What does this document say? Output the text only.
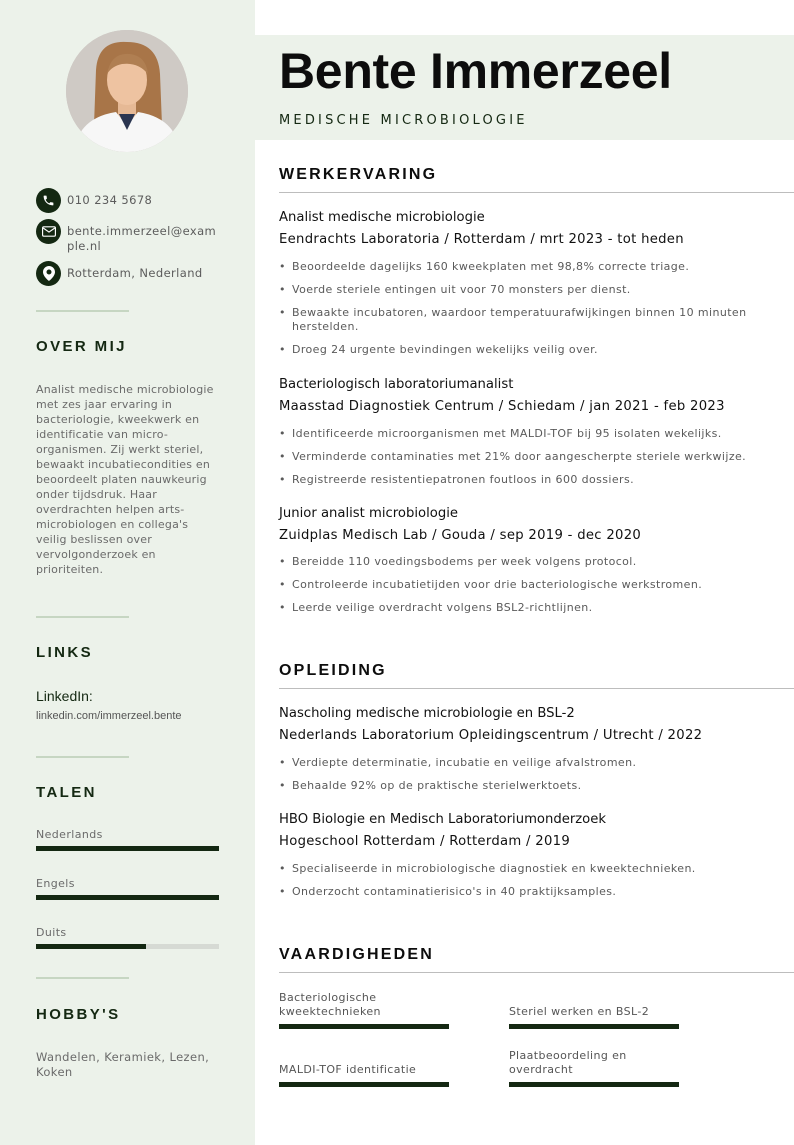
010 234 5678
bente.immerzeel@example.nl
Rotterdam, Nederland
OVER MIJ
Analist medische microbiologie met zes jaar ervaring in bacteriologie, kweekwerk en identificatie van micro-organismen. Zij werkt steriel, bewaakt incubatiecondities en beoordeelt platen nauwkeurig onder tijdsdruk. Haar overdrachten helpen arts-microbiologen en collega's veilig beslissen over vervolgonderzoek en prioriteiten.
LINKS
LinkedIn:
linkedin.com/immerzeel.bente
TALEN
Nederlands
Engels
Duits
HOBBY'S
Wandelen, Keramiek, Lezen, Koken
Bente Immerzeel
MEDISCHE MICROBIOLOGIE
WERKERVARING
Analist medische microbiologie
Eendrachts Laboratoria / Rotterdam / mrt 2023 - tot heden
• Beoordeelde dagelijks 160 kweekplaten met 98,8% correcte triage.
• Voerde steriele entingen uit voor 70 monsters per dienst.
• Bewaakte incubatoren, waardoor temperatuurafwijkingen binnen 10 minuten herstelden.
• Droeg 24 urgente bevindingen wekelijks veilig over.
Bacteriologisch laboratoriumanalist
Maasstad Diagnostiek Centrum / Schiedam / jan 2021 - feb 2023
• Identificeerde microorganismen met MALDI-TOF bij 95 isolaten wekelijks.
• Verminderde contaminaties met 21% door aangescherpte steriele werkwijze.
• Registreerde resistentiepatronen foutloos in 600 dossiers.
Junior analist microbiologie
Zuidplas Medisch Lab / Gouda / sep 2019 - dec 2020
• Bereidde 110 voedingsbodems per week volgens protocol.
• Controleerde incubatietijden voor drie bacteriologische werkstromen.
• Leerde veilige overdracht volgens BSL2-richtlijnen.
OPLEIDING
Nascholing medische microbiologie en BSL-2
Nederlands Laboratorium Opleidingscentrum / Utrecht / 2022
• Verdiepte determinatie, incubatie en veilige afvalstromen.
• Behaalde 92% op de praktische sterielwerktoets.
HBO Biologie en Medisch Laboratoriumonderzoek
Hogeschool Rotterdam / Rotterdam / 2019
• Specialiseerde in microbiologische diagnostiek en kweektechnieken.
• Onderzocht contaminatierisico's in 40 praktijksamples.
VAARDIGHEDEN
Bacteriologische kweektechnieken	Steriel werken en BSL-2
MALDI-TOF identificatie
Plaatbeoordeling en overdracht
